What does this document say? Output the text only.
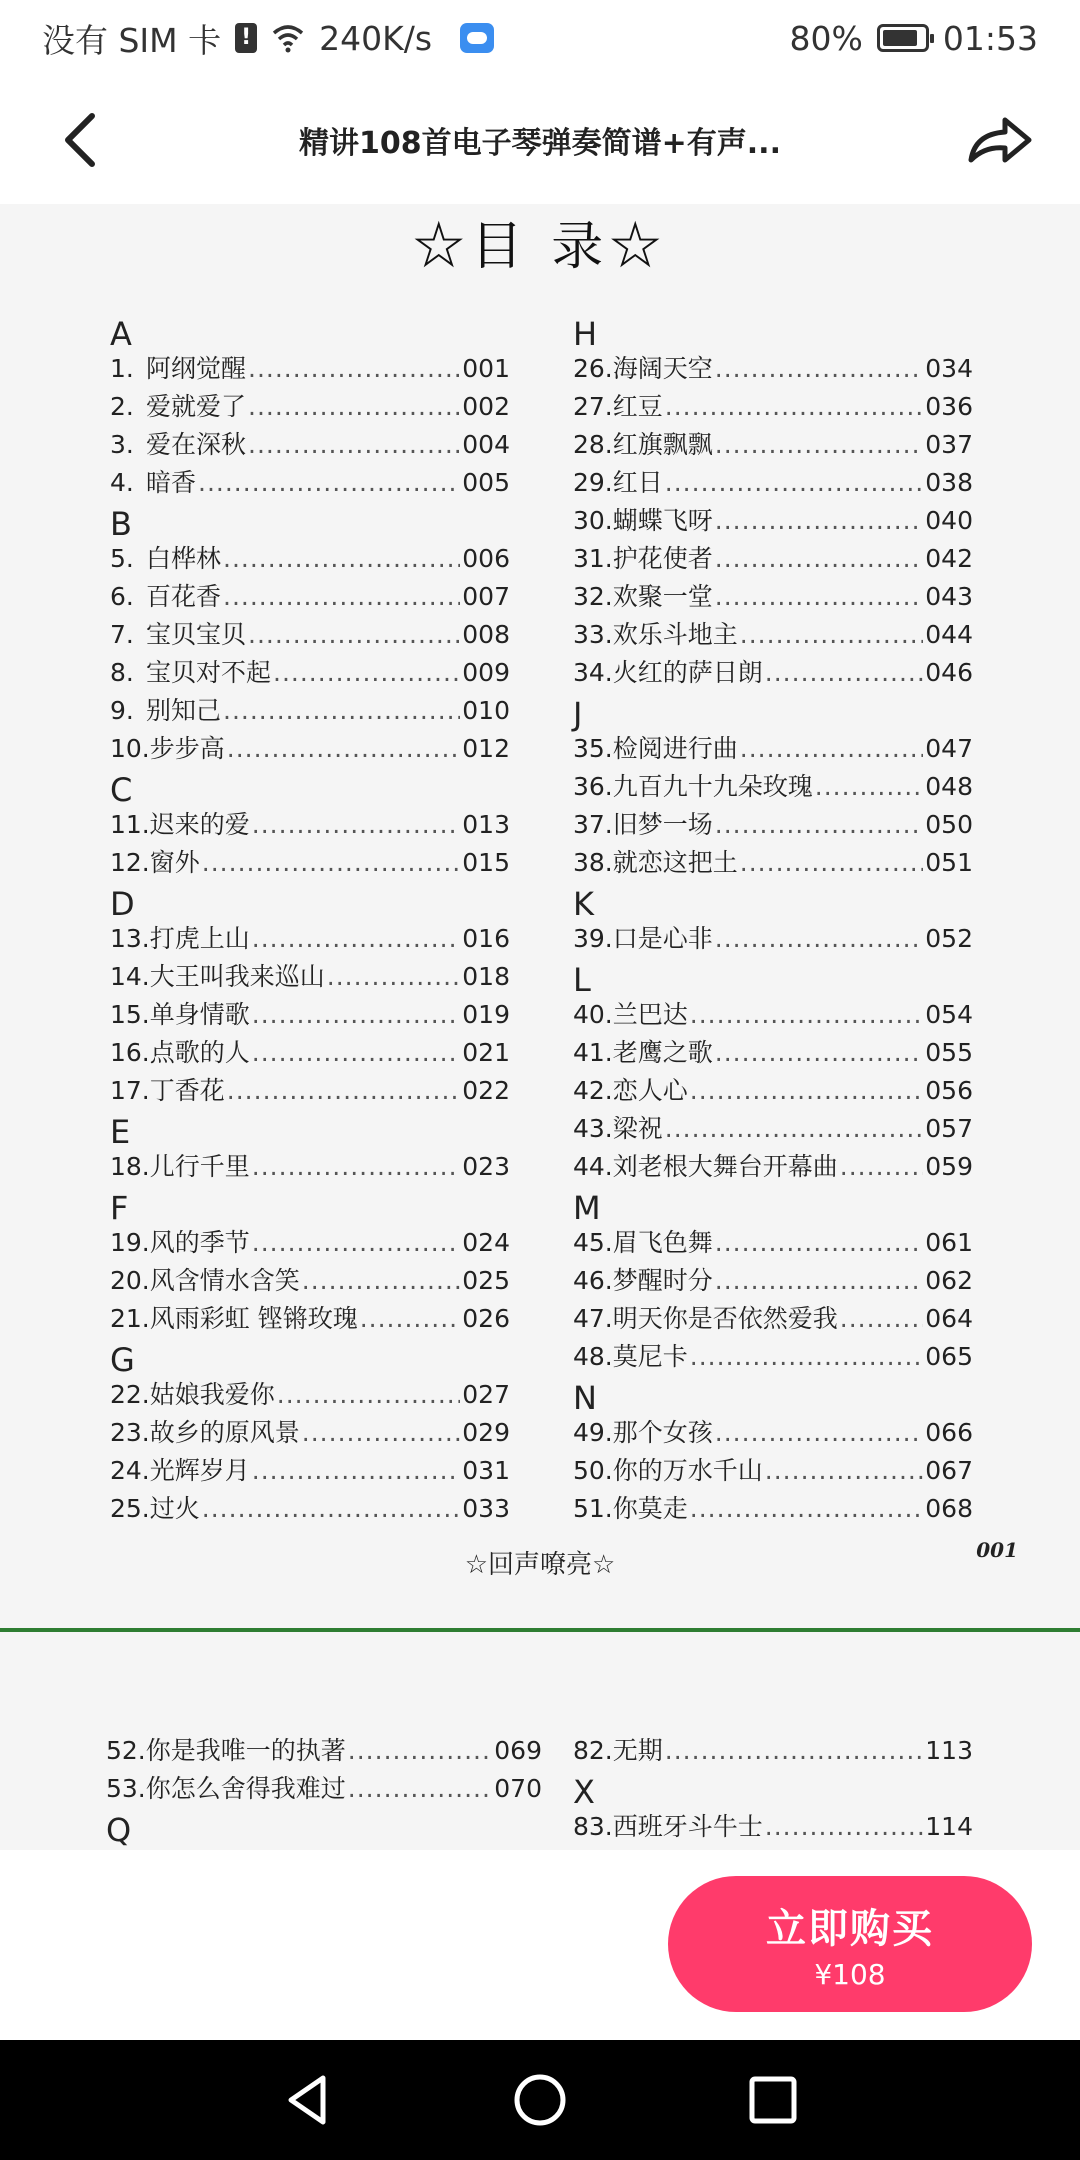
没有 SIM 卡 ! 240K/s	80% 01:53
精讲108首电子琴弹奏简谱+有声...
☆目 录☆
A
1. 阿纲觉醒 .....	001
2. 爱就爱了 .....	002
3. 爱在深秋 .....	004
4. 暗香 .....	005
B
5. 白桦林 .....	006
6. 百花香 .....	007
7. 宝贝宝贝 .....	008
8. 宝贝对不起 .....	009
9. 别知己 .....	010
10. 步步高 .....	012
C
11. 迟来的爱 .....	013
12. 窗外 .....	015
D
13. 打虎上山 .....	016
14. 大王叫我来巡山 .....	018
15. 单身情歌 .....	019
16. 点歌的人 .....	021
17. 丁香花 .....	022
E
18. 儿行千里 .....	023
F
19. 风的季节 .....	024
20. 风含情水含笑 .....	025
21. 风雨彩虹 铿锵玫瑰 .....	026
G
22. 姑娘我爱你 .....	027
23. 故乡的原风景 .....	029
24. 光辉岁月 .....	031
25. 过火 .....	033
H
26. 海阔天空 .....	034
27. 红豆 .....	036
28. 红旗飘飘 .....	037
29. 红日 .....	038
30. 蝴蝶飞呀 .....	040
31. 护花使者 .....	042
32. 欢聚一堂 .....	043
33. 欢乐斗地主 .....	044
34. 火红的萨日朗 .....	046
J
35. 检阅进行曲 .....	047
36. 九百九十九朵玫瑰 .....	048
37. 旧梦一场 .....	050
38. 就恋这把土 .....	051
K
39. 口是心非 .....	052
L
40. 兰巴达 .....	054
41. 老鹰之歌 .....	055
42. 恋人心 .....	056
43. 梁祝 .....	057
44. 刘老根大舞台开幕曲 .....	059
M
45. 眉飞色舞 .....	061
46. 梦醒时分 .....	062
47. 明天你是否依然爱我 .....	064
48. 莫尼卡 .....	065
N
49. 那个女孩 .....	066
50. 你的万水千山 .....	067
51. 你莫走 .....	068
☆回声嘹亮☆	001
52. 你是我唯一的执著 .....	069
53. 你怎么舍得我难过 .....	070
Q
82. 无期 .....	113
X
83. 西班牙斗牛士 .....	114
立即购买
¥108
